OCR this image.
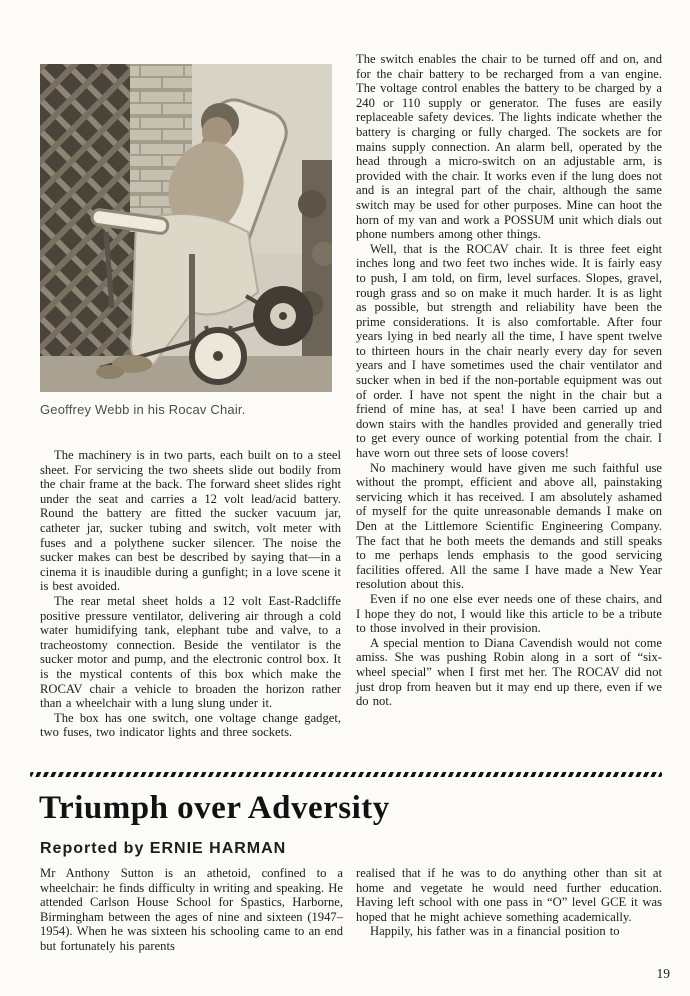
Geoffrey Webb in his Rocav Chair.

The machinery is in two parts, each built on to a steel sheet. For servicing the two sheets slide out bodily from the chair frame at the back. The forward sheet slides right under the seat and carries a 12 volt lead/acid battery. Round the battery are fitted the sucker vacuum jar, catheter jar, sucker tubing and switch, volt meter with fuses and a polythene sucker silencer. The noise the sucker makes can best be described by saying that—in a cinema it is inaudible during a gunfight; in a love scene it is best avoided.

The rear metal sheet holds a 12 volt East-Radcliffe positive pressure ventilator, delivering air through a cold water humidifying tank, elephant tube and valve, to a tracheostomy connection. Beside the ventilator is the sucker motor and pump, and the electronic control box. It is the mystical contents of this box which make the ROCAV chair a vehicle to broaden the horizon rather than a wheelchair with a lung slung under it.

The box has one switch, one voltage change gadget, two fuses, two indicator lights and three sockets.

The switch enables the chair to be turned off and on, and for the chair battery to be recharged from a van engine. The voltage control enables the battery to be charged by a 240 or 110 supply or generator. The fuses are easily replaceable safety devices. The lights indicate whether the battery is charging or fully charged. The sockets are for mains supply connection. An alarm bell, operated by the head through a micro-switch on an adjustable arm, is provided with the chair. It works even if the lung does not and is an integral part of the chair, although the same switch may be used for other purposes. Mine can hoot the horn of my van and work a POSSUM unit which dials out phone numbers among other things.

Well, that is the ROCAV chair. It is three feet eight inches long and two feet two inches wide. It is fairly easy to push, I am told, on firm, level surfaces. Slopes, gravel, rough grass and so on make it much harder. It is as light as possible, but strength and reliability have been the prime considerations. It is also comfortable. After four years lying in bed nearly all the time, I have spent twelve to thirteen hours in the chair nearly every day for seven years and I have sometimes used the chair ventilator and sucker when in bed if the non-portable equipment was out of order. I have not spent the night in the chair but a friend of mine has, at sea! I have been carried up and down stairs with the handles provided and generally tried to get every ounce of working potential from the chair. I have worn out three sets of loose covers!

No machinery would have given me such faithful use without the prompt, efficient and above all, painstaking servicing which it has received. I am absolutely ashamed of myself for the quite unreasonable demands I make on Den at the Littlemore Scientific Engineering Company. The fact that he both meets the demands and still speaks to me perhaps lends emphasis to the good servicing facilities offered. All the same I have made a New Year resolution about this.

Even if no one else ever needs one of these chairs, and I hope they do not, I would like this article to be a tribute to those involved in their provision.

A special mention to Diana Cavendish would not come amiss. She was pushing Robin along in a sort of “six-wheel special” when I first met her. The ROCAV did not just drop from heaven but it may end up there, even if we do not.

Triumph over Adversity
Reported by ERNIE HARMAN

Mr Anthony Sutton is an athetoid, confined to a wheelchair: he finds difficulty in writing and speaking. He attended Carlson House School for Spastics, Harborne, Birmingham between the ages of nine and sixteen (1947–1954). When he was sixteen his schooling came to an end but fortunately his parents

realised that if he was to do anything other than sit at home and vegetate he would need further education. Having left school with one pass in “O” level GCE it was hoped that he might achieve something academically.

Happily, his father was in a financial position to

19
